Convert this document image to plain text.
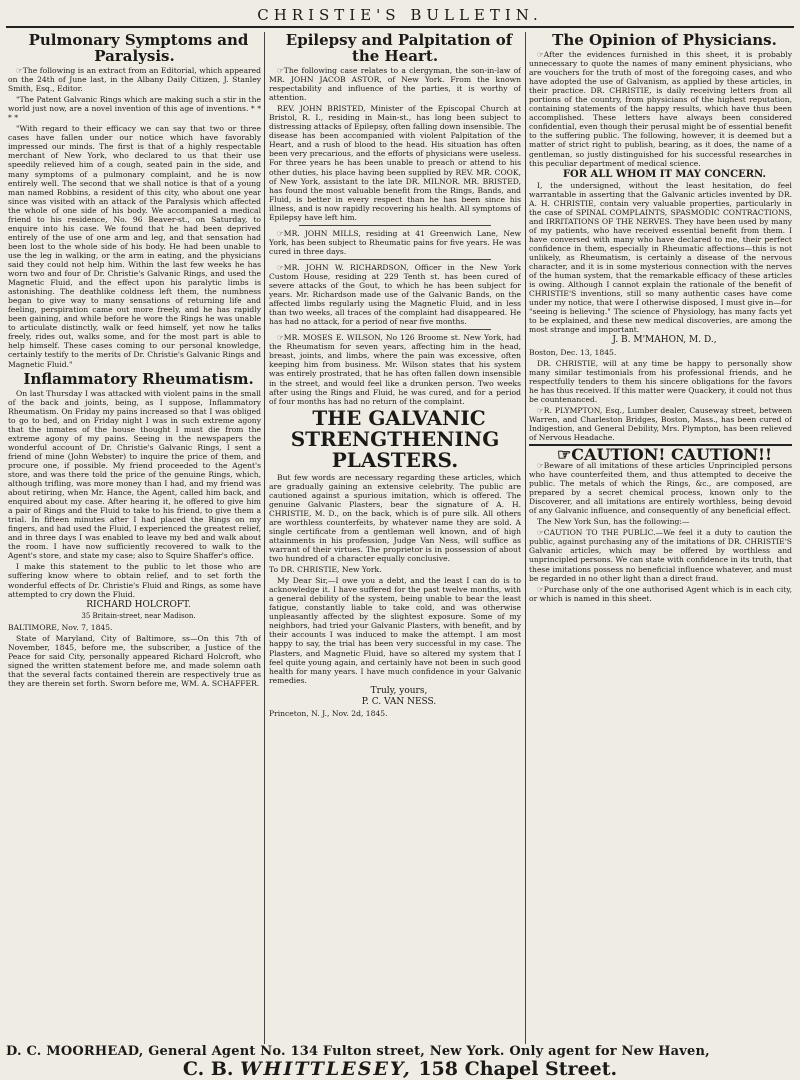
CHRISTIE'S BULLETIN.

Pulmonary Symptoms and Paralysis.

☞The following is an extract from an Editorial, which appeared on the 24th of June last, in the Albany Daily Citizen, J. Stanley Smith, Esq., Editor.

"The Patent Galvanic Rings which are making such a stir in the world just now, are a novel invention of this age of inventions. * * * *

"With regard to their efficacy we can say that two or three cases have fallen under our notice which have favorably impressed our minds. The first is that of a highly respectable merchant of New York, who declared to us that their use speedily relieved him of a cough, seated pain in the side, and many symptoms of a pulmonary complaint, and he is now entirely well. The second that we shall notice is that of a young man named Robbins, a resident of this city, who about one year since was visited with an attack of the Paralysis which affected the whole of one side of his body. We accompanied a medical friend to his residence, No. 96 Beaver-st., on Saturday, to enquire into his case. We found that he had been deprived entirely of the use of one arm and leg, and that sensation had been lost to the whole side of his body. He had been unable to use the leg in walking, or the arm in eating, and the physicians said they could not help him. Within the last few weeks he has worn two and four of Dr. Christie's Galvanic Rings, and used the Magnetic Fluid, and the effect upon his paralytic limbs is astonishing. The deathlike coldness left them, the numbness began to give way to many sensations of returning life and feeling, perspiration came out more freely, and he has rapidly been gaining, and while before he wore the Rings he was unable to articulate distinctly, walk or feed himself, yet now he talks freely, rides out, walks some, and for the most part is able to help himself. These cases coming to our personal knowledge, certainly testify to the merits of Dr. Christie's Galvanic Rings and Magnetic Fluid."

Inflammatory Rheumatism.

On last Thursday I was attacked with violent pains in the small of the back and joints, being, as I suppose, Inflammatory Rheumatism. On Friday my pains increased so that I was obliged to go to bed, and on Friday night I was in such extreme agony that the inmates of the house thought I must die from the extreme agony of my pains. Seeing in the newspapers the wonderful account of Dr. Christie's Galvanic Rings, I sent a friend of mine (John Webster) to inquire the price of them, and procure one, if possible. My friend proceeded to the Agent's store, and was there told the price of the genuine Rings, which, although trifling, was more money than I had, and my friend was about retiring, when Mr. Hance, the Agent, called him back, and enquired about my case. After hearing it, he offered to give him a pair of Rings and the Fluid to take to his friend, to give them a trial. In fifteen minutes after I had placed the Rings on my fingers, and had used the Fluid, I experienced the greatest relief, and in three days I was enabled to leave my bed and walk about the room. I have now sufficiently recovered to walk to the Agent's store, and state my case; also to Squire Shaffer's office.

I make this statement to the public to let those who are suffering know where to obtain relief, and to set forth the wonderful effects of Dr. Christie's Fluid and Rings, as some have attempted to cry down the Fluid.

RICHARD HOLCROFT.

35 Britain-street, near Madison.

BALTIMORE, Nov. 7, 1845.

State of Maryland, City of Baltimore, ss—On this 7th of November, 1845, before me, the subscriber, a Justice of the Peace for said City, personally appeared Richard Holcroft, who signed the written statement before me, and made solemn oath that the several facts contained therein are respectively true as they are therein set forth. Sworn before me, WM. A. SCHAFFER.

Epilepsy and Palpitation of the Heart.

☞The following case relates to a clergyman, the son-in-law of MR. JOHN JACOB ASTOR, of New York. From the known respectability and influence of the parties, it is worthy of attention.

REV. JOHN BRISTED, Minister of the Episcopal Church at Bristol, R. I., residing in Main-st., has long been subject to distressing attacks of Epilepsy, often falling down insensible. The disease has been accompanied with violent Palpitation of the Heart, and a rush of blood to the head. His situation has often been very precarious, and the efforts of physicians were useless. For three years he has been unable to preach or attend to his other duties, his place having been supplied by REV. MR. COOK, of New York, assistant to the late DR. MILNOR. MR. BRISTED, has found the most valuable benefit from the Rings, Bands, and Fluid, is better in every respect than he has been since his illness, and is now rapidly recovering his health. All symptoms of Epilepsy have left him.

☞MR. JOHN MILLS, residing at 41 Greenwich Lane, New York, has been subject to Rheumatic pains for five years. He was cured in three days.

☞MR. JOHN W. RICHARDSON, Officer in the New York Custom House, residing at 229 Tenth st. has been cured of severe attacks of the Gout, to which he has been subject for years. Mr. Richardson made use of the Galvanic Bands, on the affected limbs regularly using the Magnetic Fluid, and in less than two weeks, all traces of the complaint had disappeared. He has had no attack, for a period of near five months.

☞MR. MOSES E. WILSON, No 126 Broome st. New York, had the Rheumatism for seven years, affecting him in the head, breast, joints, and limbs, where the pain was excessive, often keeping him from business. Mr. Wilson states that his system was entirely prostrated, that he has often fallen down insensible in the street, and would feel like a drunken person. Two weeks after using the Rings and Fluid, he was cured, and for a period of four months has had no return of the complaint.

THE GALVANIC STRENGTHENING PLASTERS.

But few words are necessary regarding these articles, which are gradually gaining an extensive celebrity. The public are cautioned against a spurious imitation, which is offered. The genuine Galvanic Plasters, bear the signature of A. H. CHRISTIE, M. D., on the back, which is of pure silk. All others are worthless counterfeits, by whatever name they are sold. A single certificate from a gentleman well known, and of high attainments in his profession, Judge Van Ness, will suffice as warrant of their virtues. The proprietor is in possession of about two hundred of a character equally conclusive.

To DR. CHRISTIE, New York.

My Dear Sir,—I owe you a debt, and the least I can do is to acknowledge it. I have suffered for the past twelve months, with a general debility of the system, being unable to bear the least fatigue, constantly liable to take cold, and was otherwise unpleasantly affected by the slightest exposure. Some of my neighbors, had tried your Galvanic Plasters, with benefit, and by their accounts I was induced to make the attempt. I am most happy to say, the trial has been very successful in my case. The Plasters, and Magnetic Fluid, have so altered my system that I feel quite young again, and certainly have not been in such good health for many years. I have much confidence in your Galvanic remedies.

Truly, yours,

P. C. VAN NESS.

Princeton, N. J., Nov. 2d, 1845.

The Opinion of Physicians.

☞After the evidences furnished in this sheet, it is probably unnecessary to quote the names of many eminent physicians, who are vouchers for the truth of most of the foregoing cases, and who have adopted the use of Galvanism, as applied by these articles, in their practice. DR. CHRISTIE, is daily receiving letters from all portions of the country, from physicians of the highest reputation, containing statements of the happy results, which have thus been accomplished. These letters have always been considered confidential, even though their perusal might be of essential benefit to the suffering public. The following, however, it is deemed but a matter of strict right to publish, bearing, as it does, the name of a gentleman, so justly distinguished for his successful researches in this peculiar department of medical science.

FOR ALL WHOM IT MAY CONCERN.

I, the undersigned, without the least hesitation, do feel warrantable in asserting that the Galvanic articles invented by DR. A. H. CHRISTIE, contain very valuable properties, particularly in the case of SPINAL COMPLAINTS, SPASMODIC CONTRACTIONS, and IRRITATIONS OF THE NERVES. They have been used by many of my patients, who have received essential benefit from them. I have conversed with many who have declared to me, their perfect confidence in them, especially in Rheumatic affections—this is not unlikely, as Rheumatism, is certainly a disease of the nervous character, and it is in some mysterious connection with the nerves of the human system, that the remarkable efficacy of these articles is owing. Although I cannot explain the rationale of the benefit of CHRISTIE'S inventions, still so many authentic cases have come under my notice, that were I otherwise disposed, I must give in—for "seeing is believing." The science of Physiology, has many facts yet to be explained, and these new medical discoveries, are among the most strange and important.

J. B. M'MAHON, M. D.,

Boston, Dec. 13, 1845.

DR. CHRISTIE, will at any time be happy to personally show many similar testimonials from his professional friends, and he respectfully tenders to them his sincere obligations for the favors he has thus received. If this matter were Quackery, it could not thus be countenanced.

☞R. PLYMPTON, Esq., Lumber dealer, Causeway street, between Warren, and Charleston Bridges, Boston, Mass., has been cured of Indigestion, and General Debility, Mrs. Plympton, has been relieved of Nervous Headache.

☞CAUTION! CAUTION!!

☞Beware of all imitations of these articles Unprincipled persons who have counterfeited them, and thus attempted to deceive the public. The metals of which the Rings, &c., are composed, are prepared by a secret chemical process, known only to the Discoverer, and all imitations are entirely worthless, being devoid of any Galvanic influence, and consequently of any beneficial effect.

The New York Sun, has the following:—

☞CAUTION TO THE PUBLIC.—We feel it a duty to caution the public, against purchasing any of the imitations of DR. CHRISTIE'S Galvanic articles, which may be offered by worthless and unprincipled persons. We can state with confidence in its truth, that these imitations possess no beneficial influence whatever, and must be regarded in no other light than a direct fraud.

☞Purchase only of the one authorised Agent which is in each city, or which is named in this sheet.

D. C. MOORHEAD, General Agent No. 134 Fulton street, New York. Only agent for New Haven,
C. B. WHITTLESEY, 158 Chapel Street.
